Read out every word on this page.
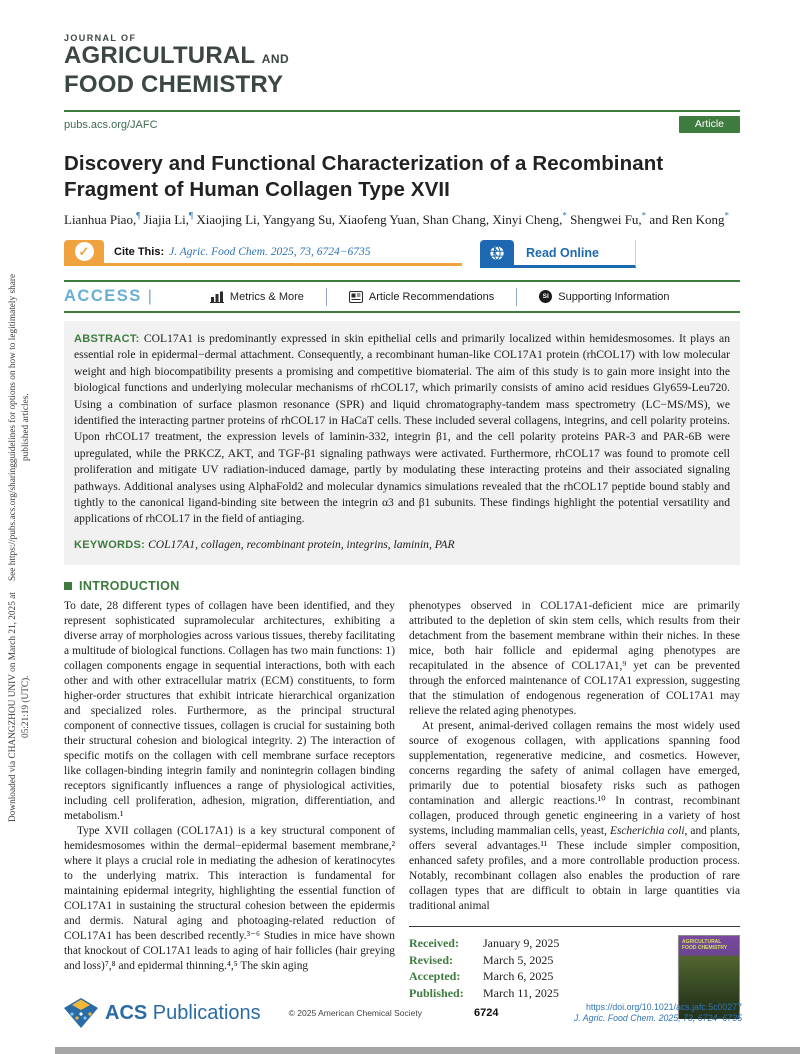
Downloaded via CHANGZHOU UNIV on March 21, 2025 at 05:21:19 (UTC).
See https://pubs.acs.org/sharingguidelines for options on how to legitimately share published articles.
JOURNAL OF
AGRICULTURAL AND
FOOD CHEMISTRY
pubs.acs.org/JAFC	Article
Discovery and Functional Characterization of a Recombinant Fragment of Human Collagen Type XVII
Lianhua Piao,¶ Jiajia Li,¶ Xiaojing Li, Yangyang Su, Xiaofeng Yuan, Shan Chang, Xinyi Cheng,* Shengwei Fu,* and Ren Kong*
✓	Cite This: J. Agric. Food Chem. 2025, 73, 6724−6735	Read Online
ACCESS |	Metrics & More	Article Recommendations	SI Supporting Information
ABSTRACT: COL17A1 is predominantly expressed in skin epithelial cells and primarily localized within hemidesmosomes. It plays an essential role in epidermal−dermal attachment. Consequently, a recombinant human-like COL17A1 protein (rhCOL17) with low molecular weight and high biocompatibility presents a promising and competitive biomaterial. The aim of this study is to gain more insight into the biological functions and underlying molecular mechanisms of rhCOL17, which primarily consists of amino acid residues Gly659-Leu720. Using a combination of surface plasmon resonance (SPR) and liquid chromatography-tandem mass spectrometry (LC−MS/MS), we identified the interacting partner proteins of rhCOL17 in HaCaT cells. These included several collagens, integrins, and cell polarity proteins. Upon rhCOL17 treatment, the expression levels of laminin-332, integrin β1, and the cell polarity proteins PAR-3 and PAR-6B were upregulated, while the PRKCZ, AKT, and TGF-β1 signaling pathways were activated. Furthermore, rhCOL17 was found to promote cell proliferation and mitigate UV radiation-induced damage, partly by modulating these interacting proteins and their associated signaling pathways. Additional analyses using AlphaFold2 and molecular dynamics simulations revealed that the rhCOL17 peptide bound stably and tightly to the canonical ligand-binding site between the integrin α3 and β1 subunits. These findings highlight the potential versatility and applications of rhCOL17 in the field of antiaging.
KEYWORDS: COL17A1, collagen, recombinant protein, integrins, laminin, PAR
INTRODUCTION

To date, 28 different types of collagen have been identified, and they represent sophisticated supramolecular architectures, exhibiting a diverse array of morphologies across various tissues, thereby facilitating a multitude of biological functions. Collagen has two main functions: 1) collagen components engage in sequential interactions, both with each other and with other extracellular matrix (ECM) constituents, to form higher-order structures that exhibit intricate hierarchical organization and specialized roles. Furthermore, as the principal structural component of connective tissues, collagen is crucial for sustaining both their structural cohesion and biological integrity. 2) The interaction of specific motifs on the collagen with cell membrane surface receptors like collagen-binding integrin family and nonintegrin collagen binding receptors significantly influences a range of physiological activities, including cell proliferation, adhesion, migration, differentiation, and metabolism.¹

Type XVII collagen (COL17A1) is a key structural component of hemidesmosomes within the dermal−epidermal basement membrane,² where it plays a crucial role in mediating the adhesion of keratinocytes to the underlying matrix. This interaction is fundamental for maintaining epidermal integrity, highlighting the essential function of COL17A1 in sustaining the structural cohesion between the epidermis and dermis. Natural aging and photoaging-related reduction of COL17A1 has been described recently.³⁻⁶ Studies in mice have shown that knockout of COL17A1 leads to aging of hair follicles (hair greying and loss)⁷,⁸ and epidermal thinning.⁴,⁵ The skin aging

phenotypes observed in COL17A1-deficient mice are primarily attributed to the depletion of skin stem cells, which results from their detachment from the basement membrane within their niches. In these mice, both hair follicle and epidermal aging phenotypes are recapitulated in the absence of COL17A1,⁹ yet can be prevented through the enforced maintenance of COL17A1 expression, suggesting that the stimulation of endogenous regeneration of COL17A1 may relieve the related aging phenotypes.

At present, animal-derived collagen remains the most widely used source of exogenous collagen, with applications spanning food supplementation, regenerative medicine, and cosmetics. However, concerns regarding the safety of animal collagen have emerged, primarily due to potential biosafety risks such as pathogen contamination and allergic reactions.¹⁰ In contrast, recombinant collagen, produced through genetic engineering in a variety of host systems, including mammalian cells, yeast, Escherichia coli, and plants, offers several advantages.¹¹ These include simpler composition, enhanced safety profiles, and a more controllable production process. Notably, recombinant collagen also enables the production of rare collagen types that are difficult to obtain in large quantities via traditional animal

Received: January 9, 2025
Revised:	March 5, 2025
Accepted: March 6, 2025
Published: March 11, 2025
AGRICULTURAL
FOOD CHEMISTRY
ACS Publications	© 2025 American Chemical Society	6724
https://doi.org/10.1021/acs.jafc.5c00277
J. Agric. Food Chem. 2025, 73, 6724−6735
